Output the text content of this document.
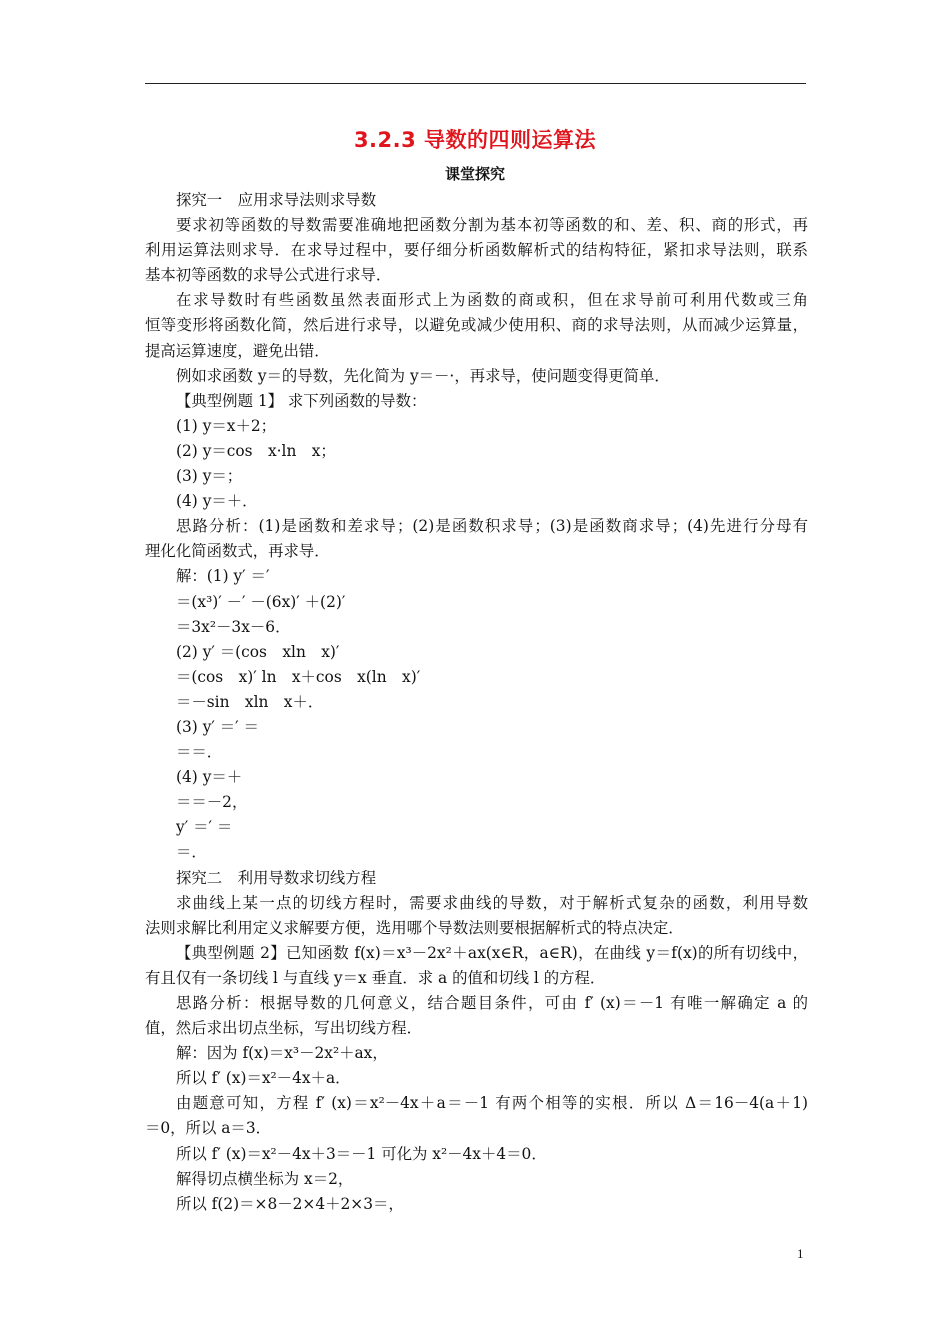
3.2.3 导数的四则运算法
课堂探究
探究一　应用求导法则求导数
要求初等函数的导数需要准确地把函数分割为基本初等函数的和、差、积、商的形式，再
利用运算法则求导．在求导过程中，要仔细分析函数解析式的结构特征，紧扣求导法则，联系
基本初等函数的求导公式进行求导．
在求导数时有些函数虽然表面形式上为函数的商或积，但在求导前可利用代数或三角
恒等变形将函数化简，然后进行求导，以避免或减少使用积、商的求导法则，从而减少运算量，
提高运算速度，避免出错．
例如求函数 y＝的导数，先化简为 y＝－·，再求导，使问题变得更简单．
【典型例题 1】 求下列函数的导数：
(1) y＝x＋2；
(2) y＝cos　x·ln　x；
(3) y＝；
(4) y＝＋．
思路分析：(1)是函数和差求导；(2)是函数积求导；(3)是函数商求导；(4)先进行分母有
理化化简函数式，再求导．
解：(1) y′ ＝′
＝(x³)′ －′ －(6x)′ ＋(2)′
＝3x²－3x－6．
(2) y′ ＝(cos　xln　x)′
＝(cos　x)′ ln　x＋cos　x(ln　x)′
＝－sin　xln　x＋．
(3) y′ ＝′ ＝
＝＝．
(4) y＝＋
＝＝－2，
y′ ＝′ ＝
＝．
探究二　利用导数求切线方程
求曲线上某一点的切线方程时，需要求曲线的导数，对于解析式复杂的函数，利用导数
法则求解比利用定义求解要方便，选用哪个导数法则要根据解析式的特点决定．
【典型例题 2】已知函数 f(x)＝x³－2x²＋ax(x∈R，a∈R)，在曲线 y＝f(x)的所有切线中，
有且仅有一条切线 l 与直线 y＝x 垂直．求 a 的值和切线 l 的方程．
思路分析：根据导数的几何意义，结合题目条件，可由 f′ (x)＝－1 有唯一解确定 a 的
值，然后求出切点坐标，写出切线方程．
解：因为 f(x)＝x³－2x²＋ax，
所以 f′ (x)＝x²－4x＋a．
由题意可知，方程 f′ (x)＝x²－4x＋a＝－1 有两个相等的实根．所以 Δ＝16－4(a＋1)
＝0，所以 a＝3．
所以 f′ (x)＝x²－4x＋3＝－1 可化为 x²－4x＋4＝0．
解得切点横坐标为 x＝2，
所以 f(2)＝×8－2×4＋2×3＝，
1
